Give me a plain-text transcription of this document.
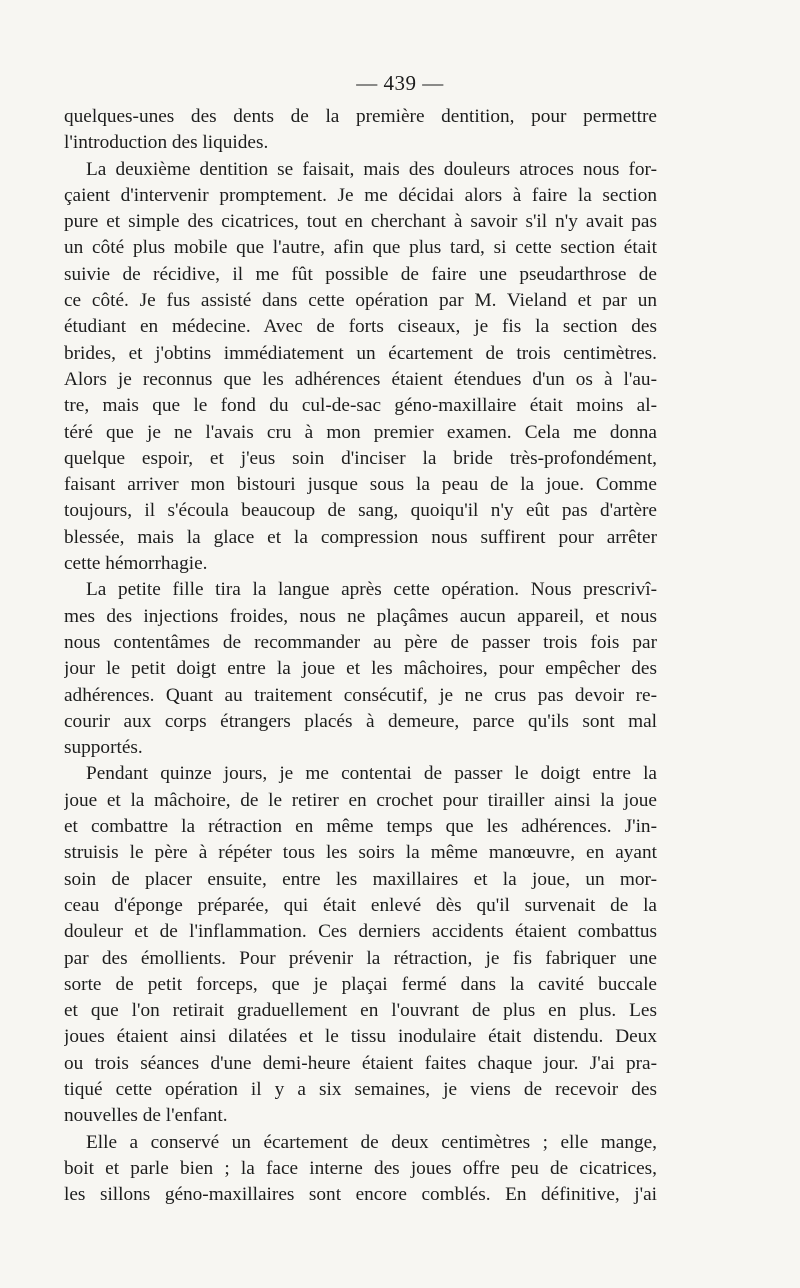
— 439 —
quelques-unes des dents de la première dentition, pour permettre
l'introduction des liquides.
La deuxième dentition se faisait, mais des douleurs atroces nous for-
çaient d'intervenir promptement. Je me décidai alors à faire la section
pure et simple des cicatrices, tout en cherchant à savoir s'il n'y avait pas
un côté plus mobile que l'autre, afin que plus tard, si cette section était
suivie de récidive, il me fût possible de faire une pseudarthrose de
ce côté. Je fus assisté dans cette opération par M. Vieland et par un
étudiant en médecine. Avec de forts ciseaux, je fis la section des
brides, et j'obtins immédiatement un écartement de trois centimètres.
Alors je reconnus que les adhérences étaient étendues d'un os à l'au-
tre, mais que le fond du cul-de-sac géno-maxillaire était moins al-
téré que je ne l'avais cru à mon premier examen. Cela me donna
quelque espoir, et j'eus soin d'inciser la bride très-profondément,
faisant arriver mon bistouri jusque sous la peau de la joue. Comme
toujours, il s'écoula beaucoup de sang, quoiqu'il n'y eût pas d'artère
blessée, mais la glace et la compression nous suffirent pour arrêter
cette hémorrhagie.
La petite fille tira la langue après cette opération. Nous prescrivî-
mes des injections froides, nous ne plaçâmes aucun appareil, et nous
nous contentâmes de recommander au père de passer trois fois par
jour le petit doigt entre la joue et les mâchoires, pour empêcher des
adhérences. Quant au traitement consécutif, je ne crus pas devoir re-
courir aux corps étrangers placés à demeure, parce qu'ils sont mal
supportés.
Pendant quinze jours, je me contentai de passer le doigt entre la
joue et la mâchoire, de le retirer en crochet pour tirailler ainsi la joue
et combattre la rétraction en même temps que les adhérences. J'in-
struisis le père à répéter tous les soirs la même manœuvre, en ayant
soin de placer ensuite, entre les maxillaires et la joue, un mor-
ceau d'éponge préparée, qui était enlevé dès qu'il survenait de la
douleur et de l'inflammation. Ces derniers accidents étaient combattus
par des émollients. Pour prévenir la rétraction, je fis fabriquer une
sorte de petit forceps, que je plaçai fermé dans la cavité buccale
et que l'on retirait graduellement en l'ouvrant de plus en plus. Les
joues étaient ainsi dilatées et le tissu inodulaire était distendu. Deux
ou trois séances d'une demi-heure étaient faites chaque jour. J'ai pra-
tiqué cette opération il y a six semaines, je viens de recevoir des
nouvelles de l'enfant.
Elle a conservé un écartement de deux centimètres ; elle mange,
boit et parle bien ; la face interne des joues offre peu de cicatrices,
les sillons géno-maxillaires sont encore comblés. En définitive, j'ai
